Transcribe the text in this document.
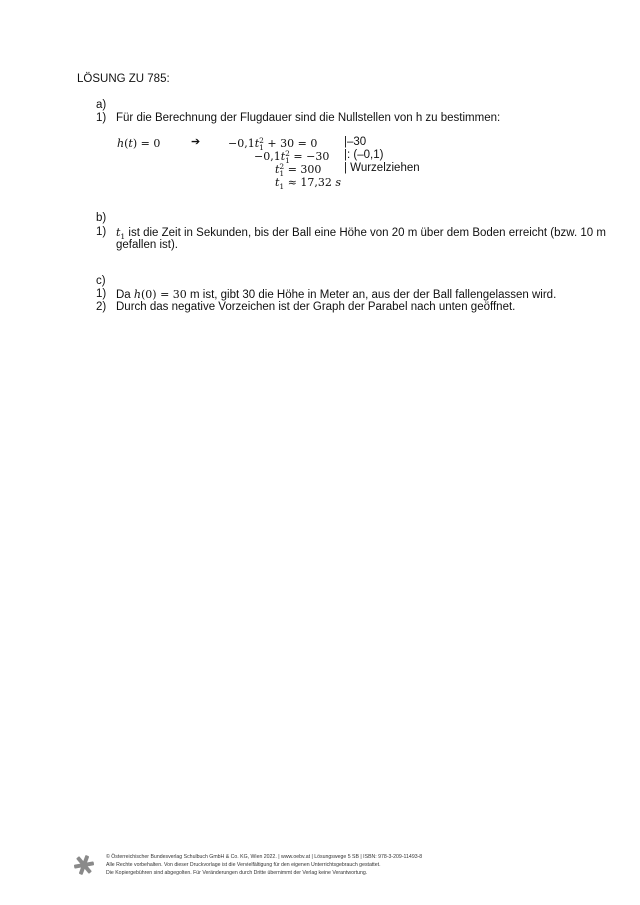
LÖSUNG ZU 785:
a)
1) Für die Berechnung der Flugdauer sind die Nullstellen von h zu bestimmen:
h(t) = 0	➔	−0,1t 2
1 + 30 = 0 |–30
−0,1t 2
1 = −30 |: (–0,1)
t 2
1 = 300 | Wurzelziehen
$t_1 \approx 17,32$ s
b)
1) $t_1$ ist die Zeit in Sekunden, bis der Ball eine Höhe von 20 m über dem Boden erreicht (bzw. 10 m
gefallen ist).
c)
1) Da h(0) = 30 m ist, gibt 30 die Höhe in Meter an, aus der der Ball fallengelassen wird.
2) Durch das negative Vorzeichen ist der Graph der Parabel nach unten geöffnet.
© Österreichischer Bundesverlag Schulbuch GmbH & Co. KG, Wien 2022. | www.oebv.at | Lösungswege 5 SB | ISBN: 978-3-209-11493-8
Alle Rechte vorbehalten. Von dieser Druckvorlage ist die Vervielfältigung für den eigenen Unterrichtsgebrauch gestattet.
Die Kopiergebühren sind abgegolten. Für Veränderungen durch Dritte übernimmt der Verlag keine Verantwortung.
